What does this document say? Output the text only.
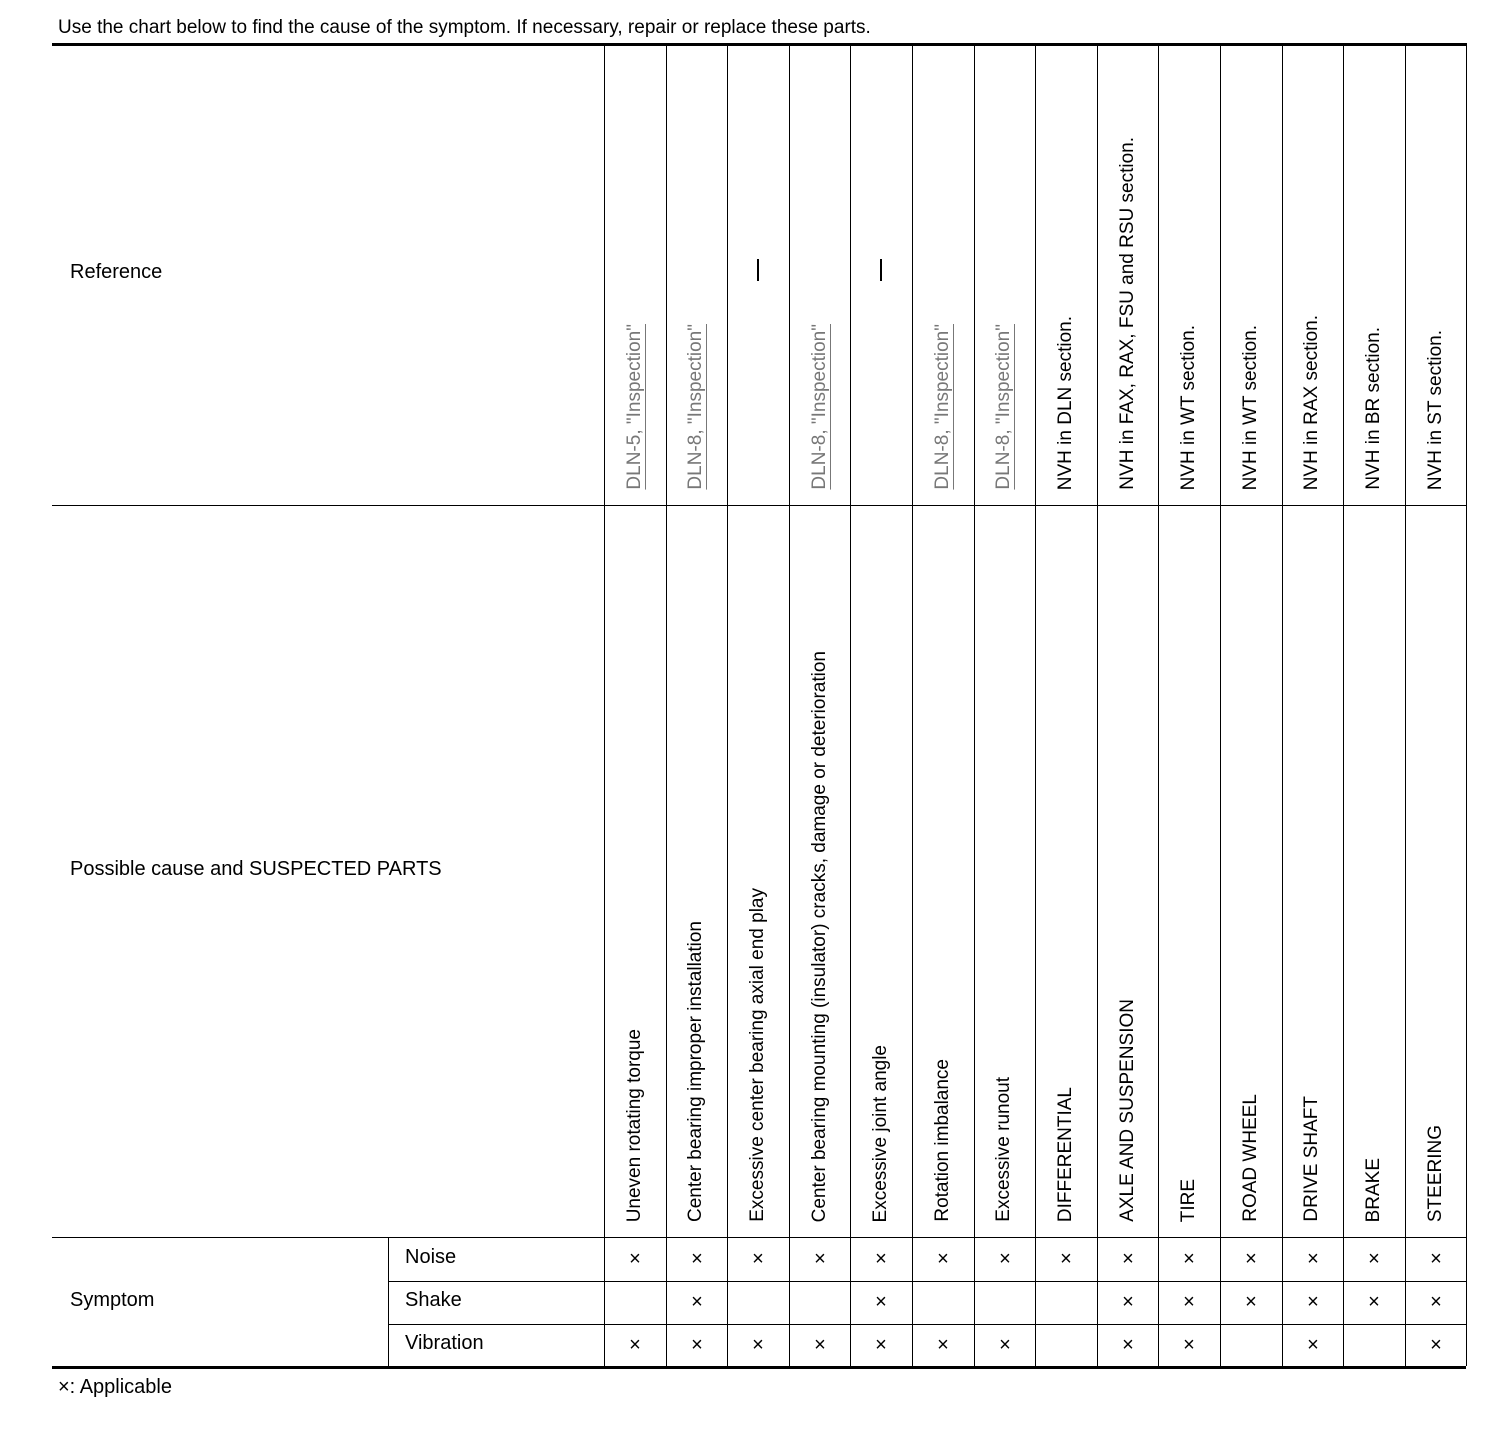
Use the chart below to find the cause of the symptom. If necessary, repair or replace these parts.
Reference
Possible cause and SUSPECTED PARTS
Symptom
Noise
Shake
Vibration
DLN-5, "Inspection"
Uneven rotating torque
×
×
DLN-8, "Inspection"
Center bearing improper installation
×
×
×
Excessive center bearing axial end play
×
×
DLN-8, "Inspection"
Center bearing mounting (insulator) cracks, damage or deterioration
×
×
Excessive joint angle
×
×
×
DLN-8, "Inspection"
Rotation imbalance
×
×
DLN-8, "Inspection"
Excessive runout
×
×
NVH in DLN section.
DIFFERENTIAL
×
NVH in FAX, RAX, FSU and RSU section.
AXLE AND SUSPENSION
×
×
×
NVH in WT section.
TIRE
×
×
×
NVH in WT section.
ROAD WHEEL
×
×
NVH in RAX section.
DRIVE SHAFT
×
×
×
NVH in BR section.
BRAKE
×
×
NVH in ST section.
STEERING
×
×
×
×: Applicable
